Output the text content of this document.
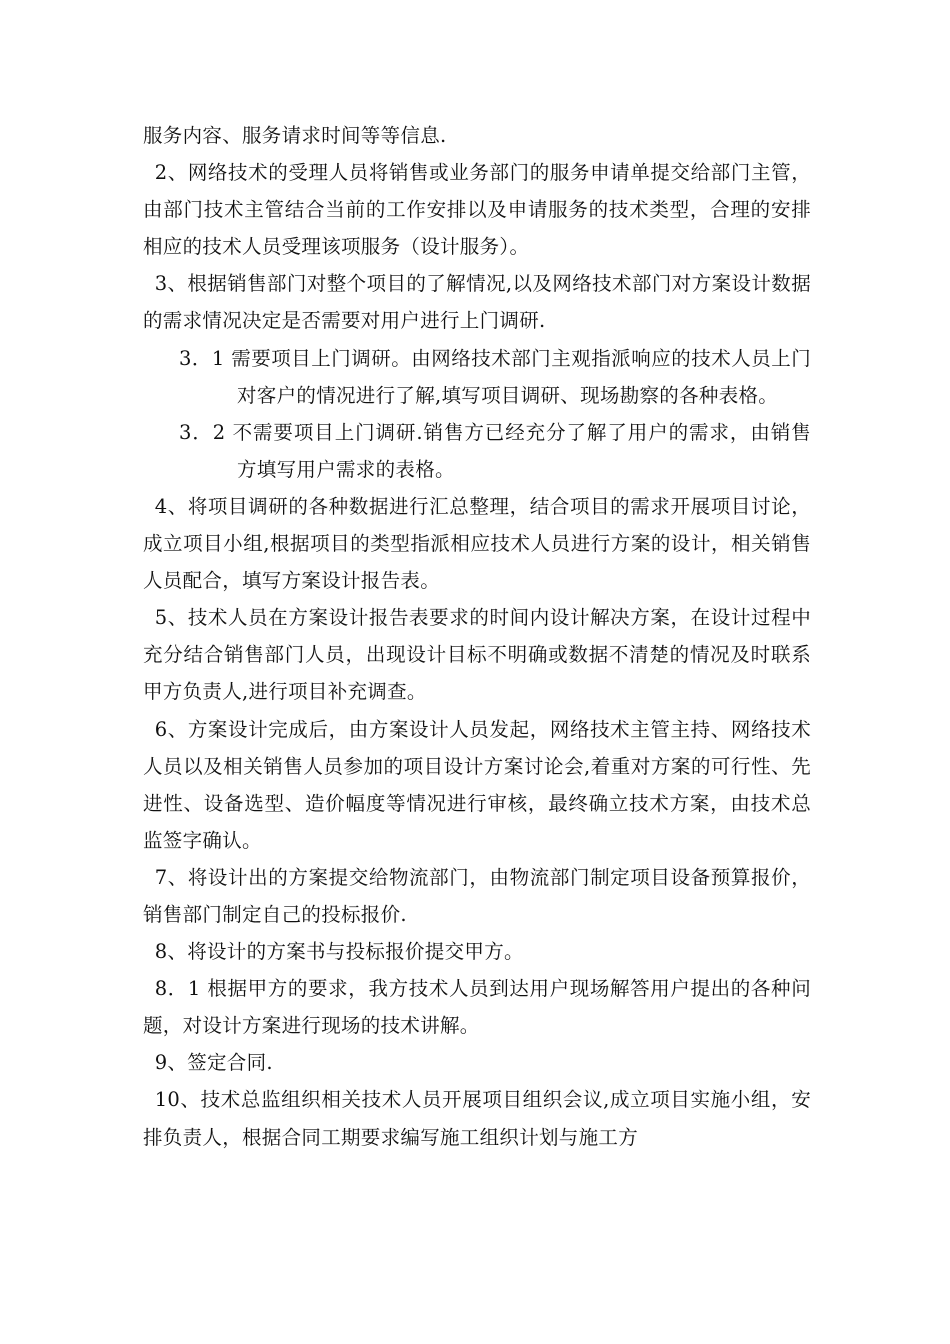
服务内容、服务请求时间等等信息.

2、网络技术的受理人员将销售或业务部门的服务申请单提交给部门主管，由部门技术主管结合当前的工作安排以及申请服务的技术类型，合理的安排相应的技术人员受理该项服务（设计服务）。

3、根据销售部门对整个项目的了解情况,以及网络技术部门对方案设计数据的需求情况决定是否需要对用户进行上门调研.

3．1 需要项目上门调研。由网络技术部门主观指派响应的技术人员上门对客户的情况进行了解,填写项目调研、现场勘察的各种表格。

3．2 不需要项目上门调研.销售方已经充分了解了用户的需求，由销售方填写用户需求的表格。

4、将项目调研的各种数据进行汇总整理，结合项目的需求开展项目讨论，成立项目小组,根据项目的类型指派相应技术人员进行方案的设计，相关销售人员配合，填写方案设计报告表。

5、技术人员在方案设计报告表要求的时间内设计解决方案，在设计过程中充分结合销售部门人员，出现设计目标不明确或数据不清楚的情况及时联系甲方负责人,进行项目补充调查。

6、方案设计完成后，由方案设计人员发起，网络技术主管主持、网络技术人员以及相关销售人员参加的项目设计方案讨论会,着重对方案的可行性、先进性、设备选型、造价幅度等情况进行审核，最终确立技术方案，由技术总监签字确认。

7、将设计出的方案提交给物流部门，由物流部门制定项目设备预算报价，销售部门制定自己的投标报价.

8、将设计的方案书与投标报价提交甲方。

8．1 根据甲方的要求，我方技术人员到达用户现场解答用户提出的各种问题，对设计方案进行现场的技术讲解。

9、签定合同.

10、技术总监组织相关技术人员开展项目组织会议,成立项目实施小组，安排负责人，根据合同工期要求编写施工组织计划与施工方
